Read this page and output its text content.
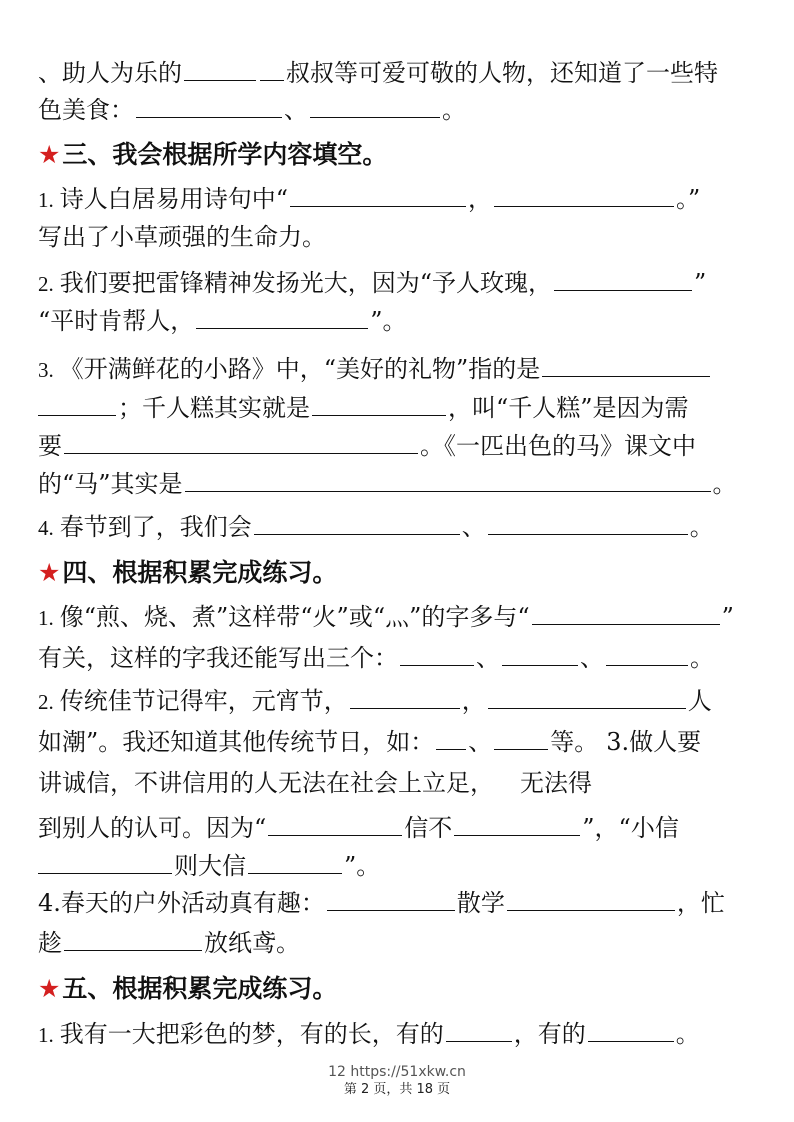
、助人为乐的	叔叔等可爱可敬的人物，还知道了一些特
色美食：	、	。
★三、我会根据所学内容填空。
1. 诗人白居易用诗句中“	，	。”
写出了小草顽强的生命力。
2. 我们要把雷锋精神发扬光大，因为“予人玫瑰，	”
“平时肯帮人，	”。
3. 《开满鲜花的小路》中，“美好的礼物”指的是
；千人糕其实就是	，叫“千人糕”是因为需
要	。《一匹出色的马》课文中
的“马”其实是	。
4. 春节到了，我们会	、	。
★四、根据积累完成练习。
1. 像“煎、烧、煮”这样带“火”或“灬”的字多与“	”
有关，这样的字我还能写出三个：	、	、	。
2. 传统佳节记得牢，元宵节，	，	人
如潮”。我还知道其他传统节日，如： 、 等。 3.做人要
讲诚信，不讲信用的人无法在社会上立足， 无法得
到别人的认可。因为“	信不	”，“小信
则大信	”。
4.春天的户外活动真有趣：	散学	，忙
趁	放纸鸢。
★五、根据积累完成练习。
1. 我有一大把彩色的梦，有的长，有的	，有的	。
12 https://51xkw.cn
第 2 页，共 18 页
